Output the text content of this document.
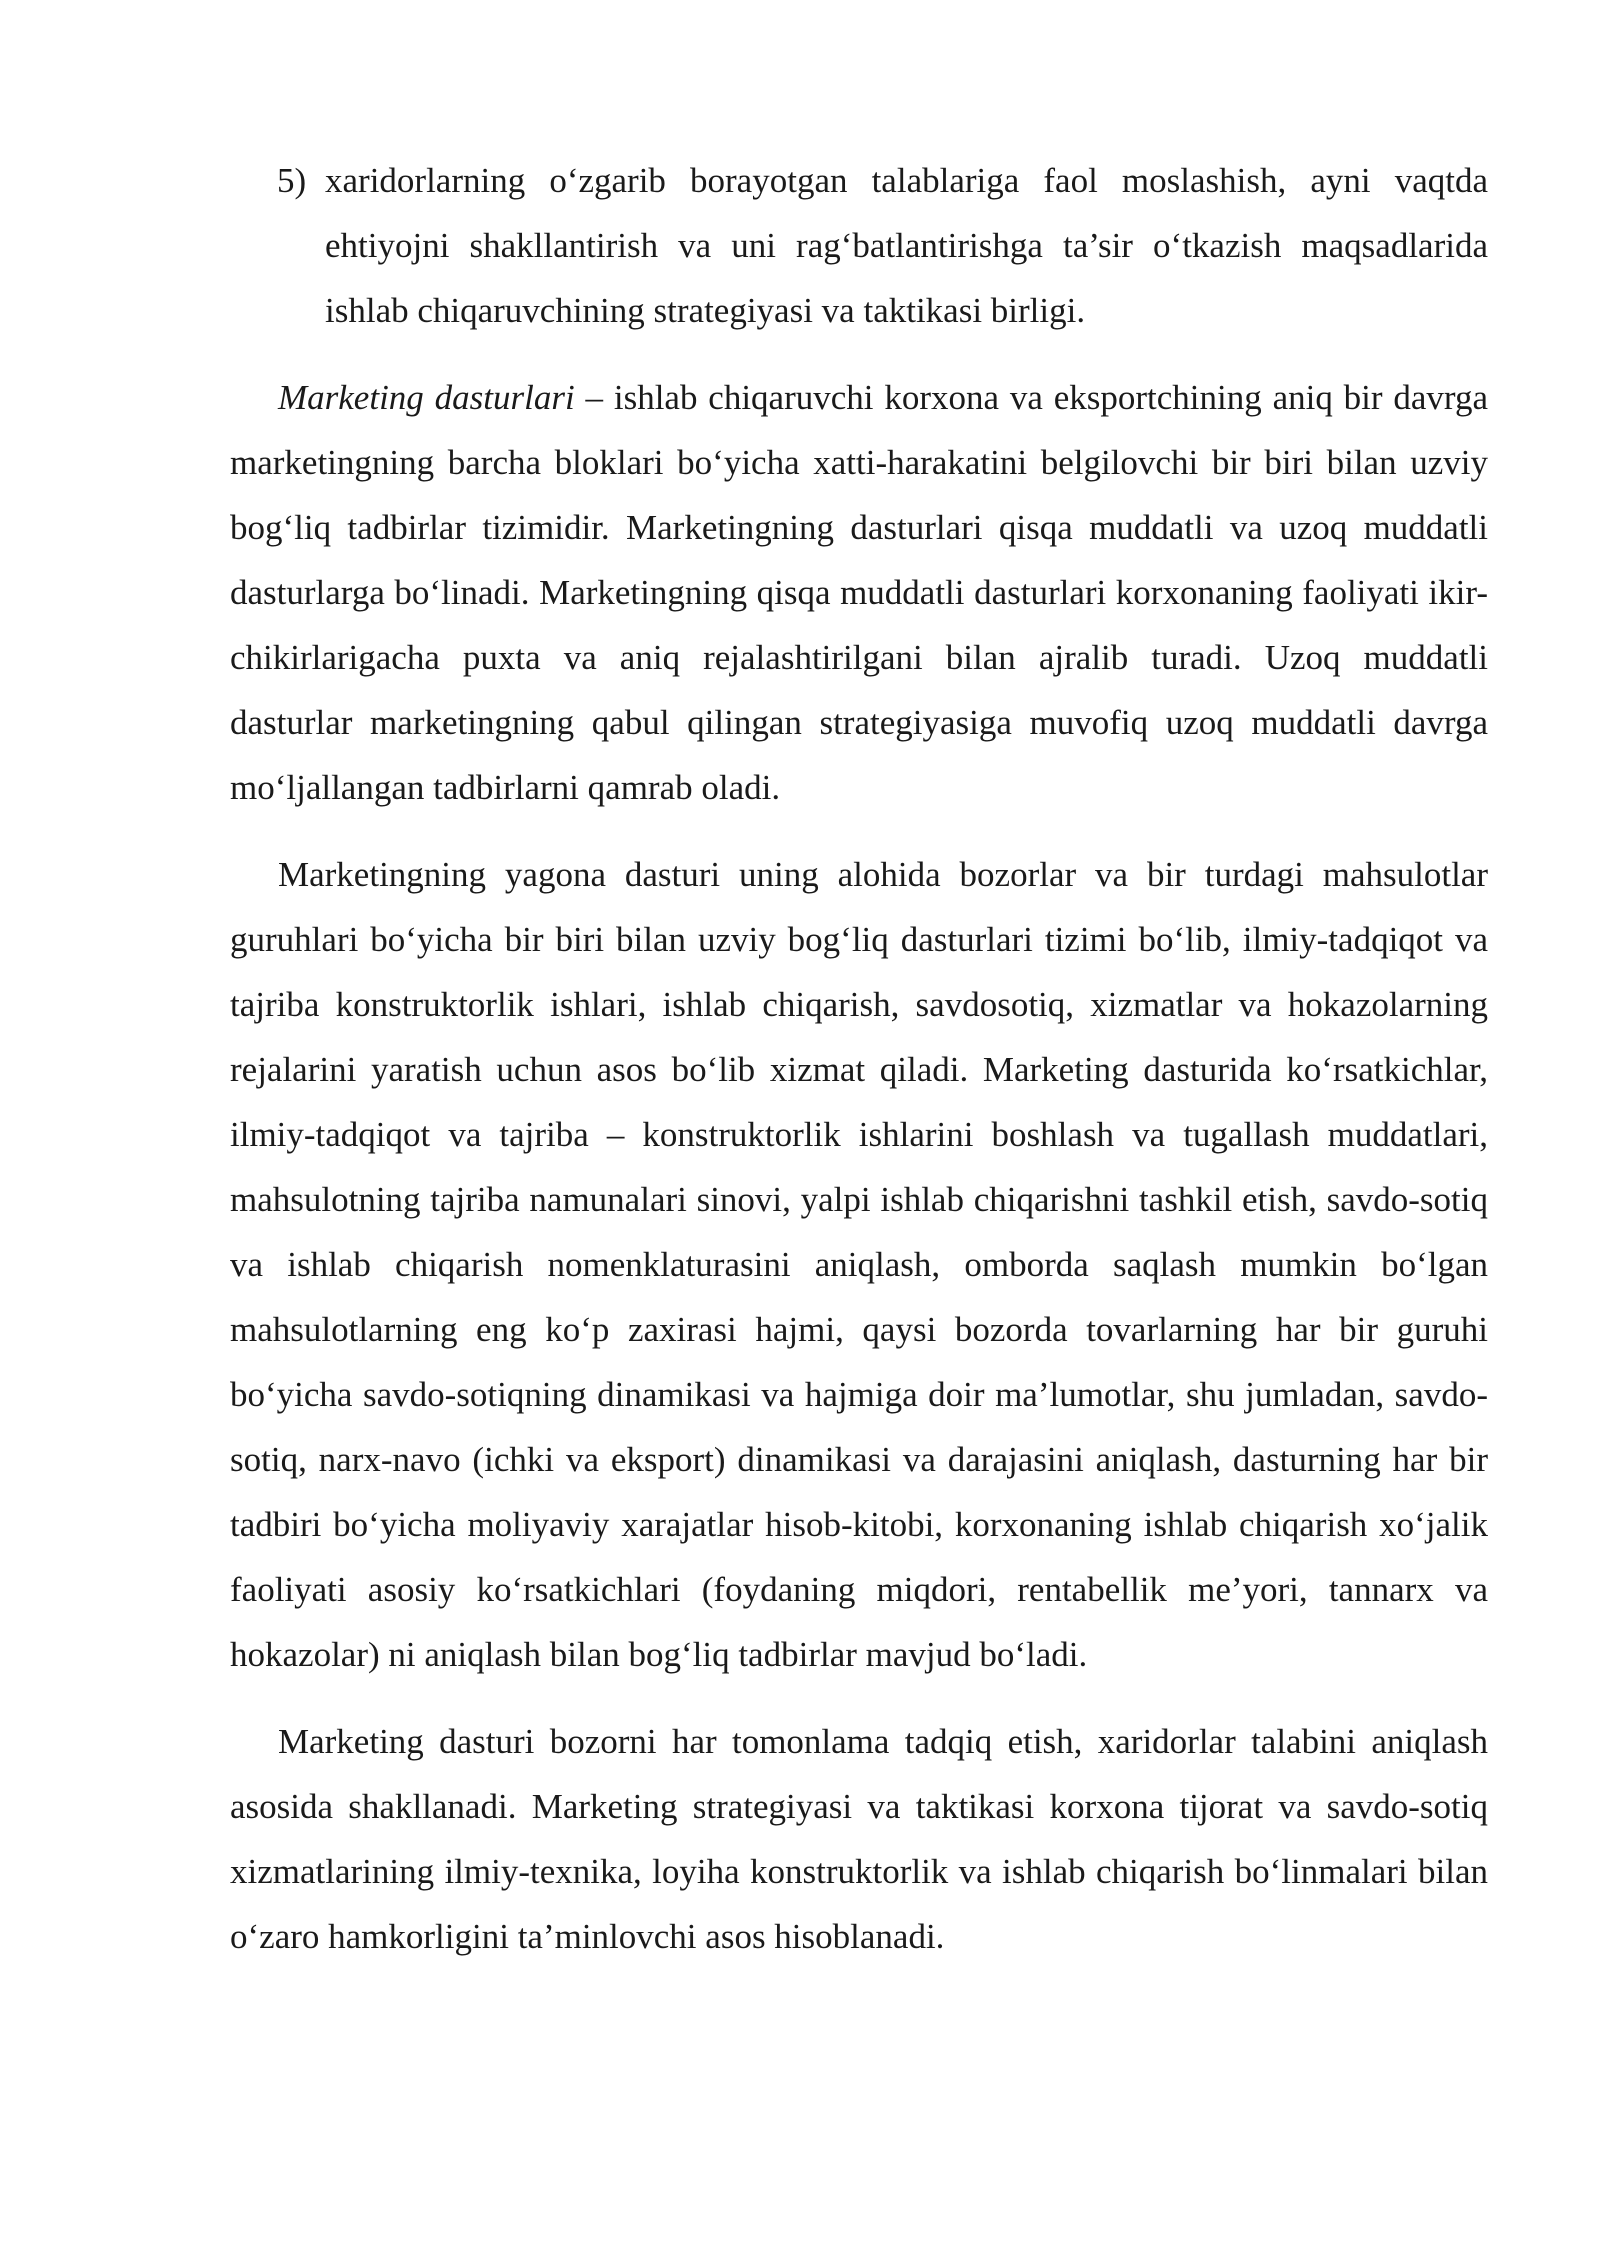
5) xaridorlarning o‘zgarib borayotgan talablariga faol moslashish, ayni vaqtda ehtiyojni shakllantirish va uni rag‘batlantirishga ta’sir o‘tkazish maqsadlarida ishlab chiqaruvchining strategiyasi va taktikasi birligi.

Marketing dasturlari – ishlab chiqaruvchi korxona va eksportchining aniq bir davrga marketingning barcha bloklari bo‘yicha xatti-harakatini belgilovchi bir biri bilan uzviy bog‘liq tadbirlar tizimidir. Marketingning dasturlari qisqa muddatli va uzoq muddatli dasturlarga bo‘linadi. Marketingning qisqa muddatli dasturlari korxonaning faoliyati ikir-chikirlarigacha puxta va aniq rejalashtirilgani bilan ajralib turadi. Uzoq muddatli dasturlar marketingning qabul qilingan strategiyasiga muvofiq uzoq muddatli davrga mo‘ljallangan tadbirlarni qamrab oladi.

Marketingning yagona dasturi uning alohida bozorlar va bir turdagi mahsulotlar guruhlari bo‘yicha bir biri bilan uzviy bog‘liq dasturlari tizimi bo‘lib, ilmiy-tadqiqot va tajriba konstruktorlik ishlari, ishlab chiqarish, savdosotiq, xizmatlar va hokazolarning rejalarini yaratish uchun asos bo‘lib xizmat qiladi. Marketing dasturida ko‘rsatkichlar, ilmiy-tadqiqot va tajriba – konstruktorlik ishlarini boshlash va tugallash muddatlari, mahsulotning tajriba namunalari sinovi, yalpi ishlab chiqarishni tashkil etish, savdo-sotiq va ishlab chiqarish nomenklaturasini aniqlash, omborda saqlash mumkin bo‘lgan mahsulotlarning eng ko‘p zaxirasi hajmi, qaysi bozorda tovarlarning har bir guruhi bo‘yicha savdo-sotiqning dinamikasi va hajmiga doir ma’lumotlar, shu jumladan, savdo-sotiq, narx-navo (ichki va eksport) dinamikasi va darajasini aniqlash, dasturning har bir tadbiri bo‘yicha moliyaviy xarajatlar hisob-kitobi, korxonaning ishlab chiqarish xo‘jalik faoliyati asosiy ko‘rsatkichlari (foydaning miqdori, rentabellik me’yori, tannarx va hokazolar) ni aniqlash bilan bog‘liq tadbirlar mavjud bo‘ladi.

Marketing dasturi bozorni har tomonlama tadqiq etish, xaridorlar talabini aniqlash asosida shakllanadi. Marketing strategiyasi va taktikasi korxona tijorat va savdo-sotiq xizmatlarining ilmiy-texnika, loyiha konstruktorlik va ishlab chiqarish bo‘linmalari bilan o‘zaro hamkorligini ta’minlovchi asos hisoblanadi.
